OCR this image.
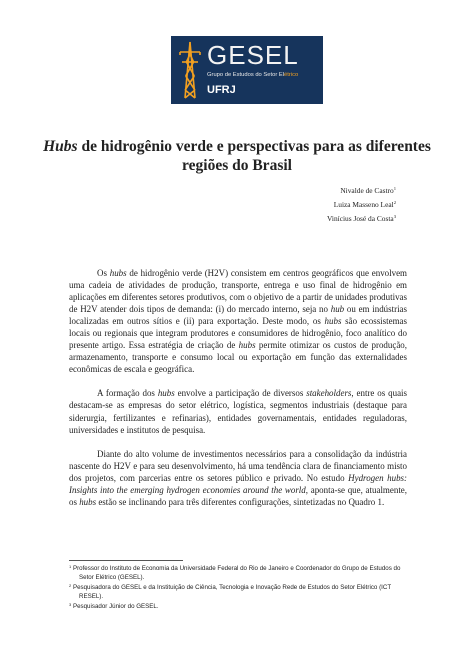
GESEL
Grupo de Estudos do Setor Elétrico
UFRJ
Hubs de hidrogênio verde e perspectivas para as diferentes regiões do Brasil
Nivalde de Castro$^1$
Luiza Masseno Leal$^2$
Vinícius José da Costa$^3$

Os hubs de hidrogênio verde (H2V) consistem em centros geográficos que envolvem uma cadeia de atividades de produção, transporte, entrega e uso final de hidrogênio em aplicações em diferentes setores produtivos, com o objetivo de a partir de unidades produtivas de H2V atender dois tipos de demanda: (i) do mercado interno, seja no hub ou em indústrias localizadas em outros sítios e (ii) para exportação. Deste modo, os hubs são ecossistemas locais ou regionais que integram produtores e consumidores de hidrogênio, foco analítico do presente artigo. Essa estratégia de criação de hubs permite otimizar os custos de produção, armazenamento, transporte e consumo local ou exportação em função das externalidades econômicas de escala e geográfica.

A formação dos hubs envolve a participação de diversos stakeholders, entre os quais destacam-se as empresas do setor elétrico, logística, segmentos industriais (destaque para siderurgia, fertilizantes e refinarias), entidades governamentais, entidades reguladoras, universidades e institutos de pesquisa.

Diante do alto volume de investimentos necessários para a consolidação da indústria nascente do H2V e para seu desenvolvimento, há uma tendência clara de financiamento misto dos projetos, com parcerias entre os setores público e privado. No estudo Hydrogen hubs: Insights into the emerging hydrogen economies around the world, aponta-se que, atualmente, os hubs estão se inclinando para três diferentes configurações, sintetizadas no Quadro 1.

$^1$ Professor do Instituto de Economia da Universidade Federal do Rio de Janeiro e Coordenador do Grupo de Estudos do Setor Elétrico (GESEL).
$^2$ Pesquisadora do GESEL e da Instituição de Ciência, Tecnologia e Inovação Rede de Estudos do Setor Elétrico (ICT RESEL).
$^3$ Pesquisador Júnior do GESEL.
